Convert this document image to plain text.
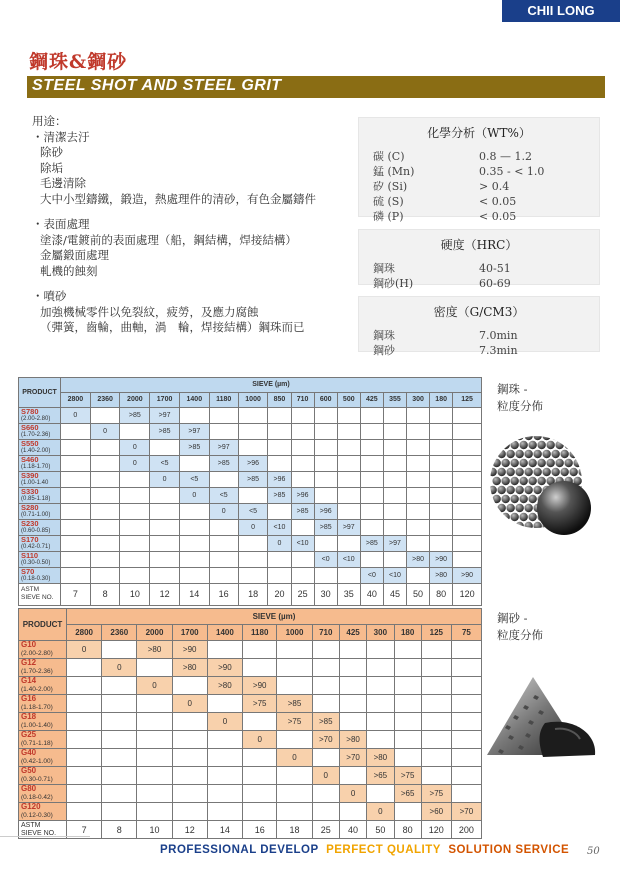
CHII LONG
鋼珠&鋼砂
STEEL SHOT AND STEEL GRIT
用途：
・清潔去汙
除砂
除垢
毛邊清除
大中小型鑄鐵，鍛造，熱處理件的清砂，有色金屬鑄件
・表面處理
塗漆/電鍍前的表面處理（船，鋼結構，焊接結構）
金屬鍛面處理
軋機的蝕刻
・噴砂
加強機械零件以免裂紋，疲勞，及應力腐蝕
（彈簧，齒輪，曲軸，渦　輪，焊接結構）鋼珠而已
化學分析（WT%）
碳 (C)	0.8 — 1.2
錳 (Mn)	0.35 - < 1.0
矽 (Si)	> 0.4
硫 (S)	< 0.05
磷 (P)	< 0.05
硬度（HRC）
鋼珠	40-51
鋼砂(H)	60-69
密度（G/CM3）
鋼珠	7.0min
鋼砂	7.3min
PRODUCT	SIEVE (µm)															
	2800	2360	2000	1700	1400	1180	1000	850	710	600	500	425	355	300	180	125

S780
(2.00-2.80)	0		>85	>97												

S660
(1.70-2.36)		0		>85	>97											

S550
(1.40-2.00)			0		>85	>97										

S460
(1.18-1.70)			0	<5		>85	>96									

S390
(1.00-1.40				0	<5		>85	>96								

S330
(0.85-1.18)					0	<5		>85	>96							

S280
(0.71-1.00)						0	<5		>85	>96						

S230
(0.60-0.85)							0	<10		>85	>97					

S170
(0.42-0.71)								0	<10			>85	>97			

S110
(0.30-0.50)										<0	<10			>80	>90	

S70
(0.18-0.30)												<0	<10		>80	>90

ASTM
SIEVE NO.	7	8	10	12	14	16	18	20	25	30	35	40	45	50	80	120
PRODUCT	SIEVE (µm)												
	2800	2360	2000	1700	1400	1180	1000	710	425	300	180	125	75

G10
(2.00-2.80)	0		>80	>90									

G12
(1.70-2.36)		0		>80	>90								

G14
(1.40-2.00)			0		>80	>90							

G16
(1.18-1.70)				0		>75	>85						

G18
(1.00-1.40)					0		>75	>85					

G25
(0.71-1.18)						0		>70	>80				

G40
(0.42-1.00)							0		>70	>80			

G50
(0.30-0.71)								0		>65	>75		

G80
(0.18-0.42)									0		>65	>75	

G120
(0.12-0.30)										0		>60	>70

ASTM
SIEVE NO.	7	8	10	12	14	16	18	25	40	50	80	120	200
鋼珠 -
粒度分佈
鋼砂 -
粒度分佈
PROFESSIONAL DEVELOP PERFECT QUALITY SOLUTION SERVICE 50
